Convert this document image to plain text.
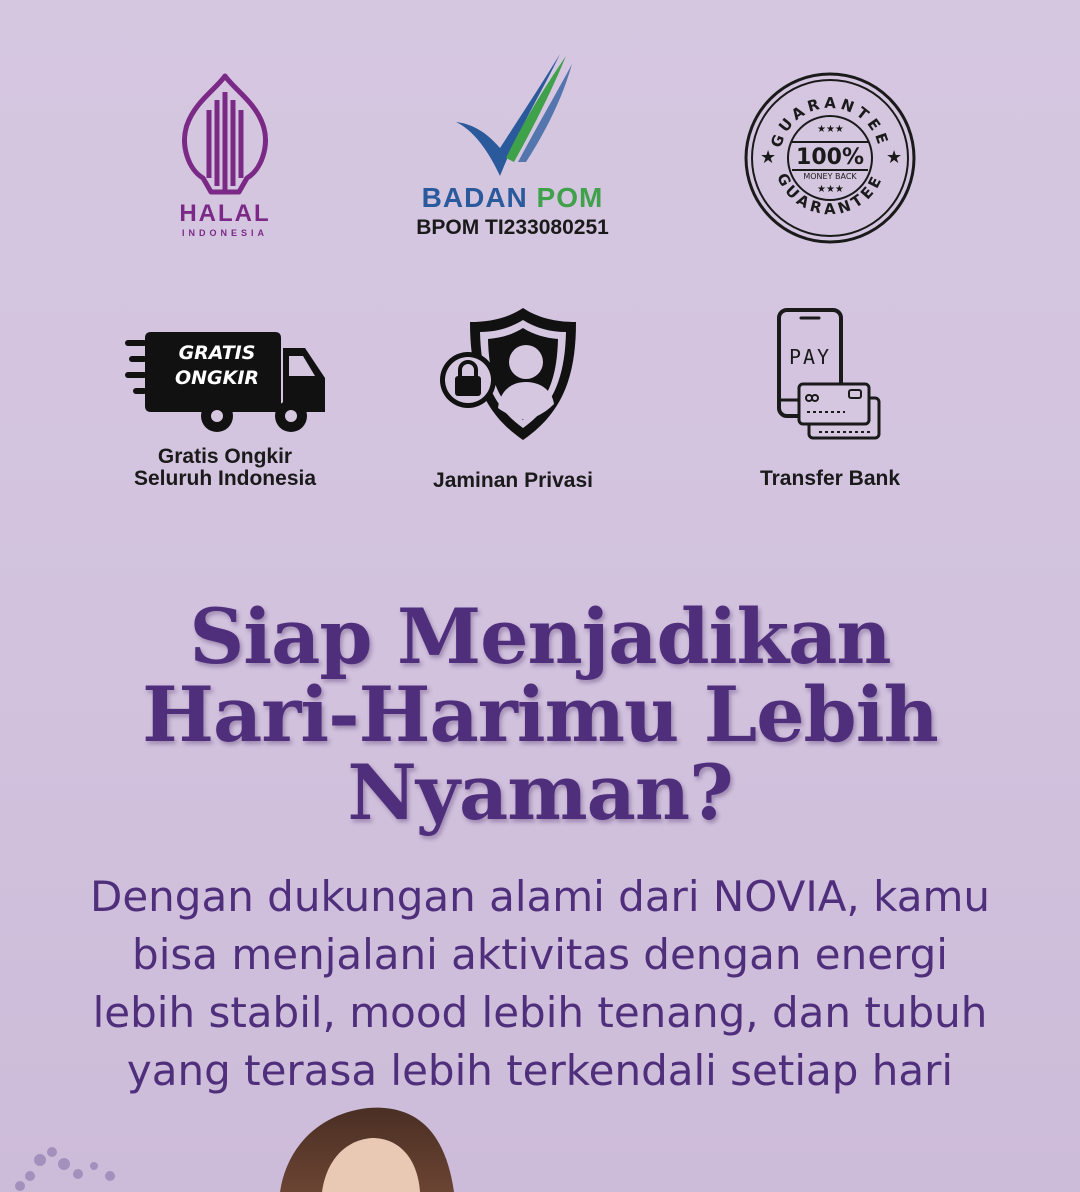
HALAL
INDONESIA
BADAN POM
BPOM TI233080251
GUARANTEE
GUARANTEE
★	★
★★★
★★★
100%
MONEY BACK
GRATIS
ONGKIR
Gratis Ongkir
Seluruh Indonesia	Jaminan Privasi
PAY
Transfer Bank
Siap Menjadikan
Hari-Harimu Lebih
Nyaman?
Dengan dukungan alami dari NOVIA, kamu
bisa menjalani aktivitas dengan energi
lebih stabil, mood lebih tenang, dan tubuh
yang terasa lebih terkendali setiap hari
